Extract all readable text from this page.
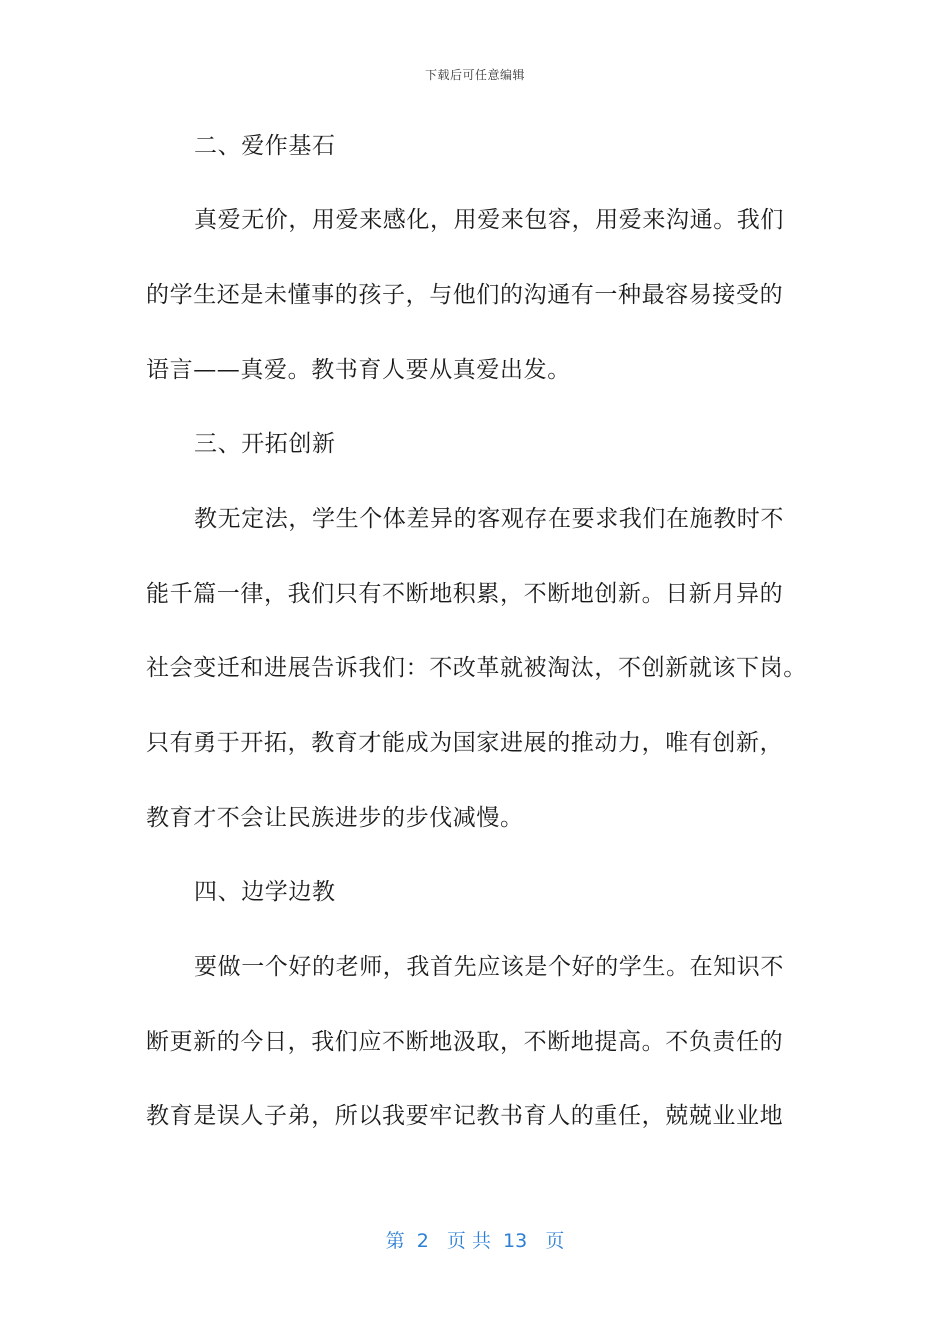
下载后可任意编辑
二、爱作基石
真爱无价，用爱来感化，用爱来包容，用爱来沟通。我们
的学生还是未懂事的孩子，与他们的沟通有一种最容易接受的
语言——真爱。教书育人要从真爱出发。
三、开拓创新
教无定法，学生个体差异的客观存在要求我们在施教时不
能千篇一律，我们只有不断地积累，不断地创新。日新月异的
社会变迁和进展告诉我们：不改革就被淘汰，不创新就该下岗。
只有勇于开拓，教育才能成为国家进展的推动力，唯有创新，
教育才不会让民族进步的步伐减慢。
四、边学边教
要做一个好的老师，我首先应该是个好的学生。在知识不
断更新的今日，我们应不断地汲取，不断地提高。不负责任的
教育是误人子弟，所以我要牢记教书育人的重任，兢兢业业地
第  2   页 共  13   页
